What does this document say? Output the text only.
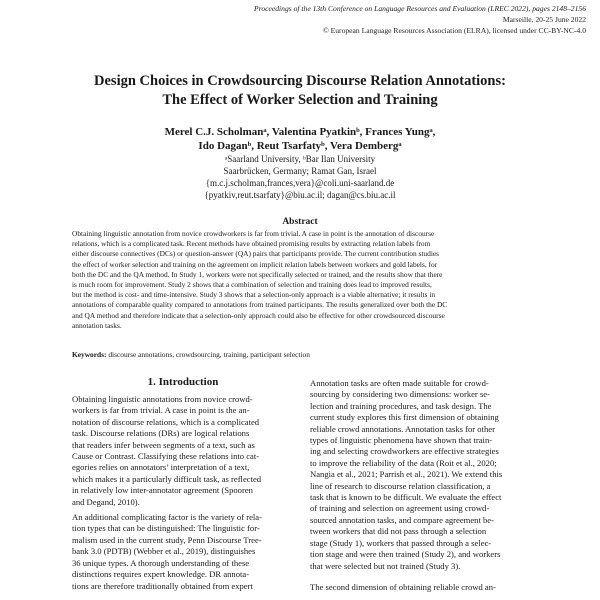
Proceedings of the 13th Conference on Language Resources and Evaluation (LREC 2022), pages 2148–2156
Marseille, 20-25 June 2022
© European Language Resources Association (ELRA), licensed under CC-BY-NC-4.0
Design Choices in Crowdsourcing Discourse Relation Annotations:
The Effect of Worker Selection and Training
Merel C.J. Scholmanᵃ, Valentina Pyatkinᵇ, Frances Yungᵃ,
Ido Daganᵇ, Reut Tsarfatyᵇ, Vera Dembergᵃ
ᵃSaarland University, ᵇBar Ilan University
Saarbrücken, Germany; Ramat Gan, Israel
{m.c.j.scholman,frances,vera}@coli.uni-saarland.de
{pyatkiv,reut.tsarfaty}@biu.ac.il; dagan@cs.biu.ac.il
Abstract
Obtaining linguistic annotation from novice crowdworkers is far from trivial. A case in point is the annotation of discourse
relations, which is a complicated task. Recent methods have obtained promising results by extracting relation labels from
either discourse connectives (DCs) or question-answer (QA) pairs that participants provide. The current contribution studies
the effect of worker selection and training on the agreement on implicit relation labels between workers and gold labels, for
both the DC and the QA method. In Study 1, workers were not specifically selected or trained, and the results show that there
is much room for improvement. Study 2 shows that a combination of selection and training does lead to improved results,
but the method is cost- and time-intensive. Study 3 shows that a selection-only approach is a viable alternative; it results in
annotations of comparable quality compared to annotations from trained participants. The results generalized over both the DC
and QA method and therefore indicate that a selection-only approach could also be effective for other crowdsourced discourse
annotation tasks.
Keywords: discourse annotations, crowdsourcing, training, participant selection
1. Introduction
Obtaining linguistic annotations from novice crowd-
workers is far from trivial. A case in point is the an-
notation of discourse relations, which is a complicated
task. Discourse relations (DRs) are logical relations
that readers infer between segments of a text, such as
Cause or Contrast. Classifying these relations into cat-
egories relies on annotators’ interpretation of a text,
which makes it a particularly difficult task, as reflected
in relatively low inter-annotator agreement (Spooren
and Degand, 2010).
An additional complicating factor is the variety of rela-
tion types that can be distinguished: The linguistic for-
malism used in the current study, Penn Discourse Tree-
bank 3.0 (PDTB) (Webber et al., 2019), distinguishes
36 unique types. A thorough understanding of these
distinctions requires expert knowledge. DR annota-
tions are therefore traditionally obtained from expert
Annotation tasks are often made suitable for crowd-
sourcing by considering two dimensions: worker se-
lection and training procedures, and task design. The
current study explores this first dimension of obtaining
reliable crowd annotations. Annotation tasks for other
types of linguistic phenomena have shown that train-
ing and selecting crowdworkers are effective strategies
to improve the reliability of the data (Roit et al., 2020;
Nangia et al., 2021; Parrish et al., 2021). We extend this
line of research to discourse relation classification, a
task that is known to be difficult. We evaluate the effect
of training and selection on agreement using crowd-
sourced annotation tasks, and compare agreement be-
tween workers that did not pass through a selection
stage (Study 1), workers that passed through a selec-
tion stage and were then trained (Study 2), and workers
that were selected but not trained (Study 3).
The second dimension of obtaining reliable crowd an-
